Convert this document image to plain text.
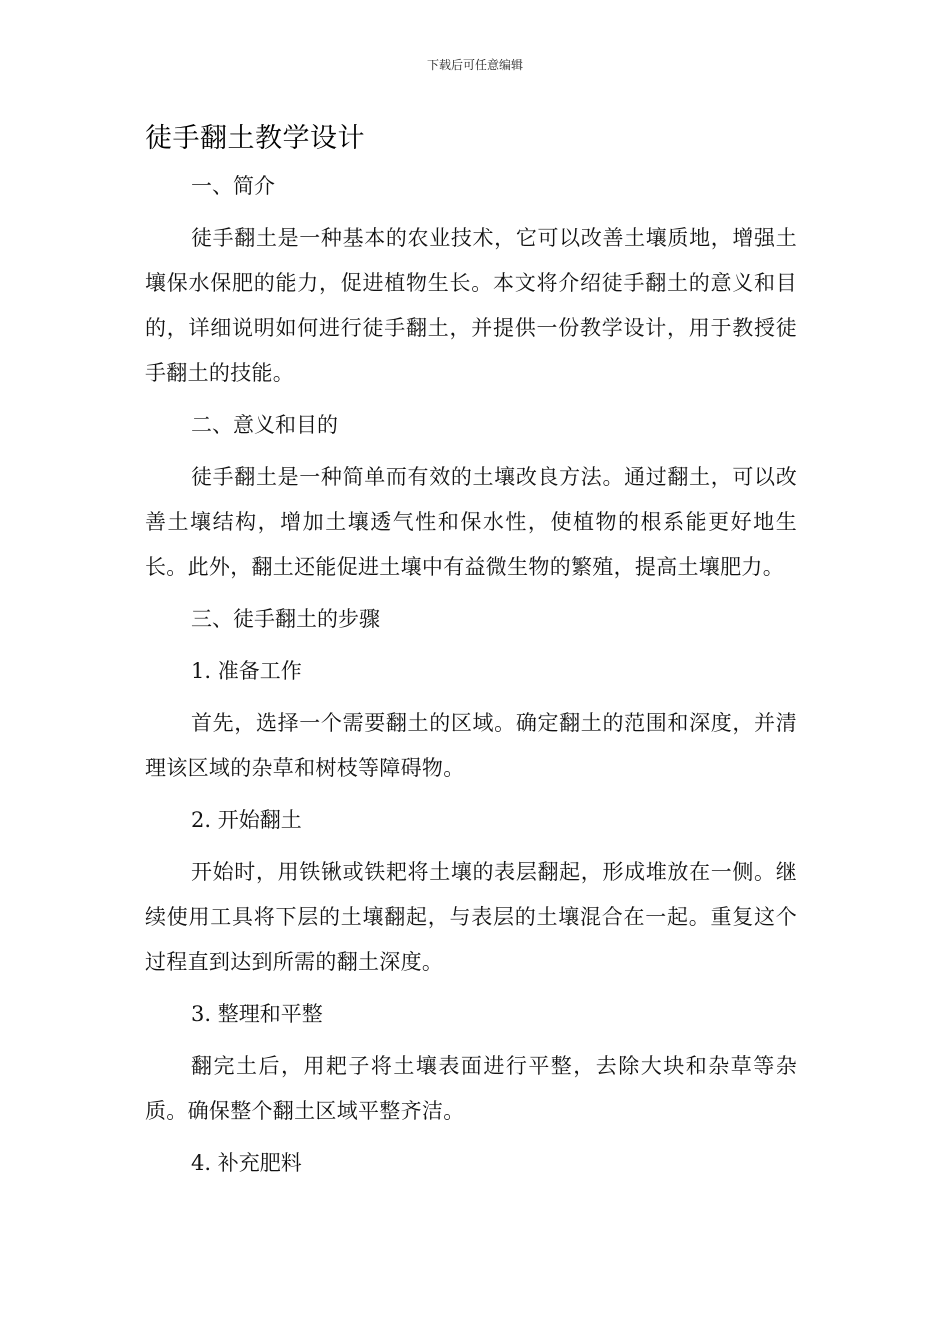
下载后可任意编辑
徒手翻土教学设计

一、简介

徒手翻土是一种基本的农业技术，它可以改善土壤质地，增强土壤保水保肥的能力，促进植物生长。本文将介绍徒手翻土的意义和目的，详细说明如何进行徒手翻土，并提供一份教学设计，用于教授徒手翻土的技能。

二、意义和目的

徒手翻土是一种简单而有效的土壤改良方法。通过翻土，可以改善土壤结构，增加土壤透气性和保水性，使植物的根系能更好地生长。此外，翻土还能促进土壤中有益微生物的繁殖，提高土壤肥力。

三、徒手翻土的步骤

1. 准备工作

首先，选择一个需要翻土的区域。确定翻土的范围和深度，并清理该区域的杂草和树枝等障碍物。

2. 开始翻土

开始时，用铁锹或铁耙将土壤的表层翻起，形成堆放在一侧。继续使用工具将下层的土壤翻起，与表层的土壤混合在一起。重复这个过程直到达到所需的翻土深度。

3. 整理和平整

翻完土后，用耙子将土壤表面进行平整，去除大块和杂草等杂质。确保整个翻土区域平整齐洁。

4. 补充肥料
